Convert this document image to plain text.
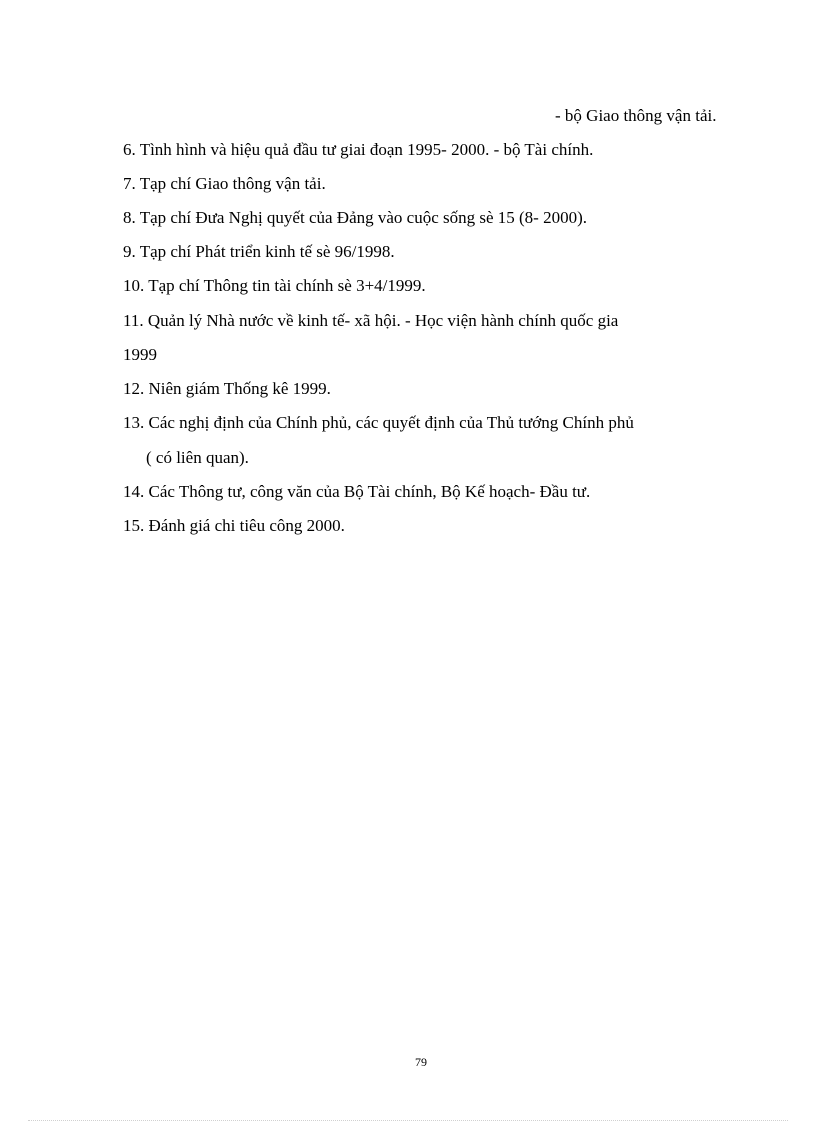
- bộ Giao thông vận tải.
6. Tình hình và hiệu quả đầu tư giai đoạn 1995- 2000. - bộ Tài chính.
7. Tạp chí Giao thông vận tải.
8. Tạp chí Đưa Nghị quyết của Đảng vào cuộc sống sè 15 (8- 2000).
9. Tạp chí Phát triển kinh tế sè 96/1998.
10. Tạp chí Thông tin tài chính sè 3+4/1999.
11. Quản lý Nhà nước về kinh tế- xã hội. - Học viện hành chính quốc gia
1999
12. Niên giám Thống kê 1999.
13. Các nghị định của Chính phủ, các quyết định của Thủ tướng Chính phủ
( có liên quan).
14. Các Thông tư, công văn của Bộ Tài chính, Bộ Kế hoạch- Đầu tư.
15. Đánh giá chi tiêu công 2000.
79
